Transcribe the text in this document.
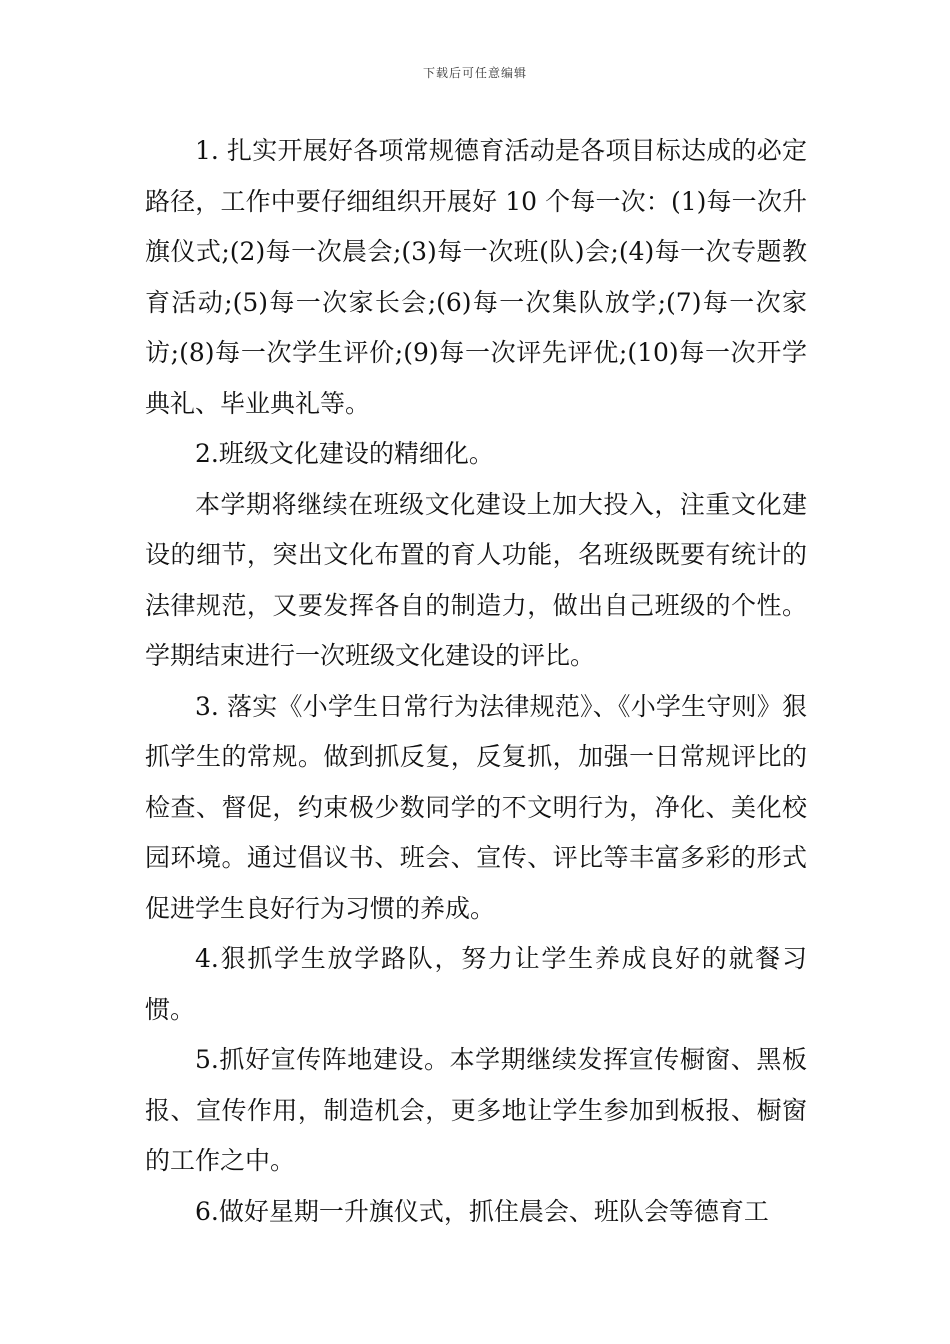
下载后可任意编辑

1. 扎实开展好各项常规德育活动是各项目标达成的必定路径，工作中要仔细组织开展好 10 个每一次：(1)每一次升旗仪式;(2)每一次晨会;(3)每一次班(队)会;(4)每一次专题教育活动;(5)每一次家长会;(6)每一次集队放学;(7)每一次家访;(8)每一次学生评价;(9)每一次评先评优;(10)每一次开学典礼、毕业典礼等。

2.班级文化建设的精细化。

本学期将继续在班级文化建设上加大投入，注重文化建设的细节，突出文化布置的育人功能，名班级既要有统计的法律规范，又要发挥各自的制造力，做出自己班级的个性。学期结束进行一次班级文化建设的评比。

3. 落实《小学生日常行为法律规范》、《小学生守则》狠抓学生的常规。做到抓反复，反复抓，加强一日常规评比的检查、督促，约束极少数同学的不文明行为，净化、美化校园环境。通过倡议书、班会、宣传、评比等丰富多彩的形式促进学生良好行为习惯的养成。

4.狠抓学生放学路队，努力让学生养成良好的就餐习惯。

5.抓好宣传阵地建设。本学期继续发挥宣传橱窗、黑板报、宣传作用，制造机会，更多地让学生参加到板报、橱窗的工作之中。

6.做好星期一升旗仪式，抓住晨会、班队会等德育工
